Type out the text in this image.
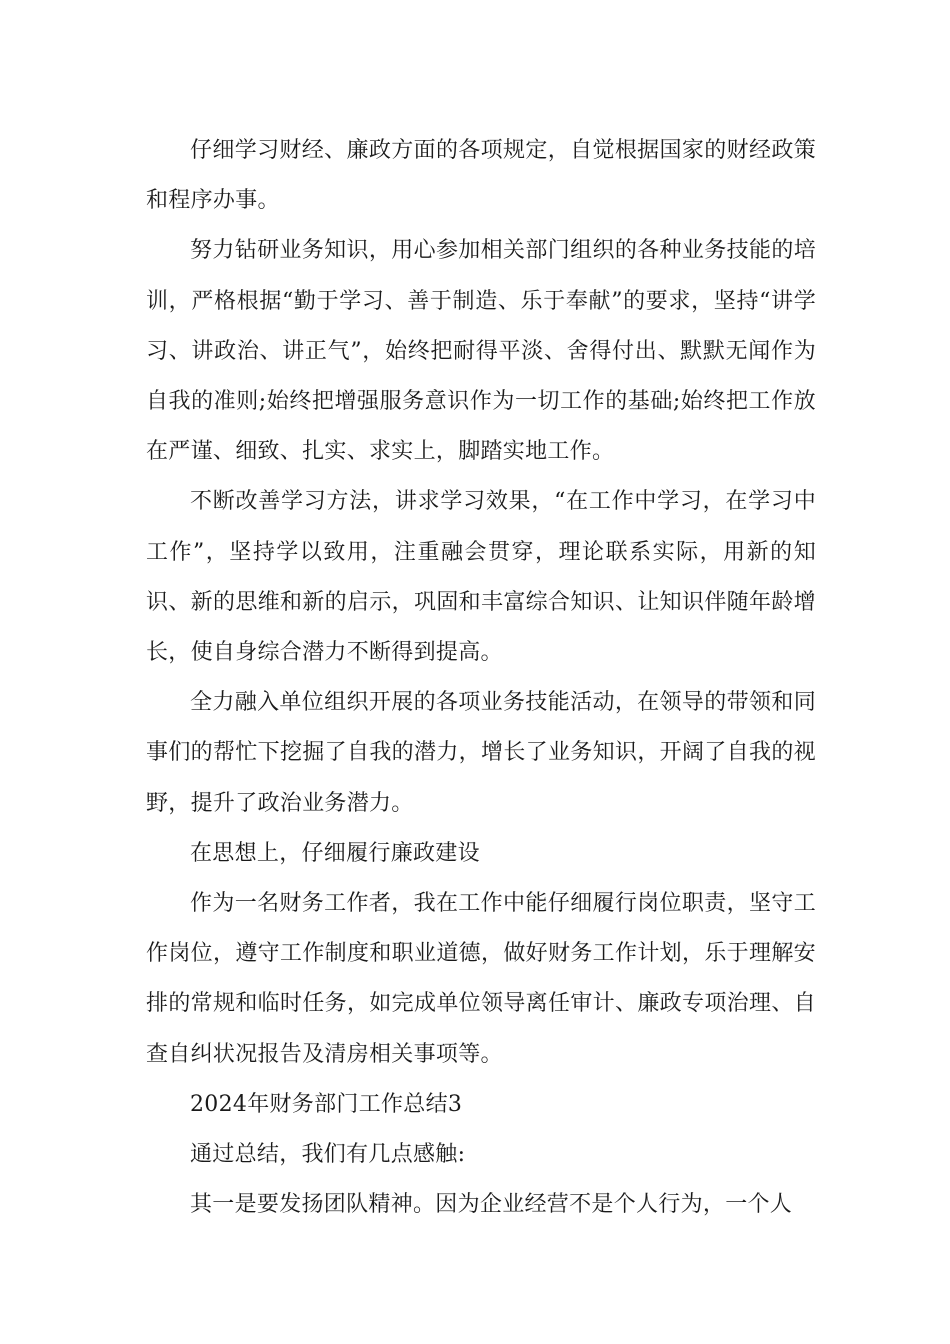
仔细学习财经、廉政方面的各项规定，自觉根据国家的财经政策和程序办事。

努力钻研业务知识，用心参加相关部门组织的各种业务技能的培训，严格根据“勤于学习、善于制造、乐于奉献”的要求，坚持“讲学习、讲政治、讲正气”，始终把耐得平淡、舍得付出、默默无闻作为自我的准则;始终把增强服务意识作为一切工作的基础;始终把工作放在严谨、细致、扎实、求实上，脚踏实地工作。

不断改善学习方法，讲求学习效果，“在工作中学习，在学习中工作”，坚持学以致用，注重融会贯穿，理论联系实际，用新的知识、新的思维和新的启示，巩固和丰富综合知识、让知识伴随年龄增长，使自身综合潜力不断得到提高。

全力融入单位组织开展的各项业务技能活动，在领导的带领和同事们的帮忙下挖掘了自我的潜力，增长了业务知识，开阔了自我的视野，提升了政治业务潜力。

在思想上，仔细履行廉政建设

作为一名财务工作者，我在工作中能仔细履行岗位职责，坚守工作岗位，遵守工作制度和职业道德，做好财务工作计划，乐于理解安排的常规和临时任务，如完成单位领导离任审计、廉政专项治理、自查自纠状况报告及清房相关事项等。

2024年财务部门工作总结3

通过总结，我们有几点感触:

其一是要发扬团队精神。因为企业经营不是个人行为，一个人
